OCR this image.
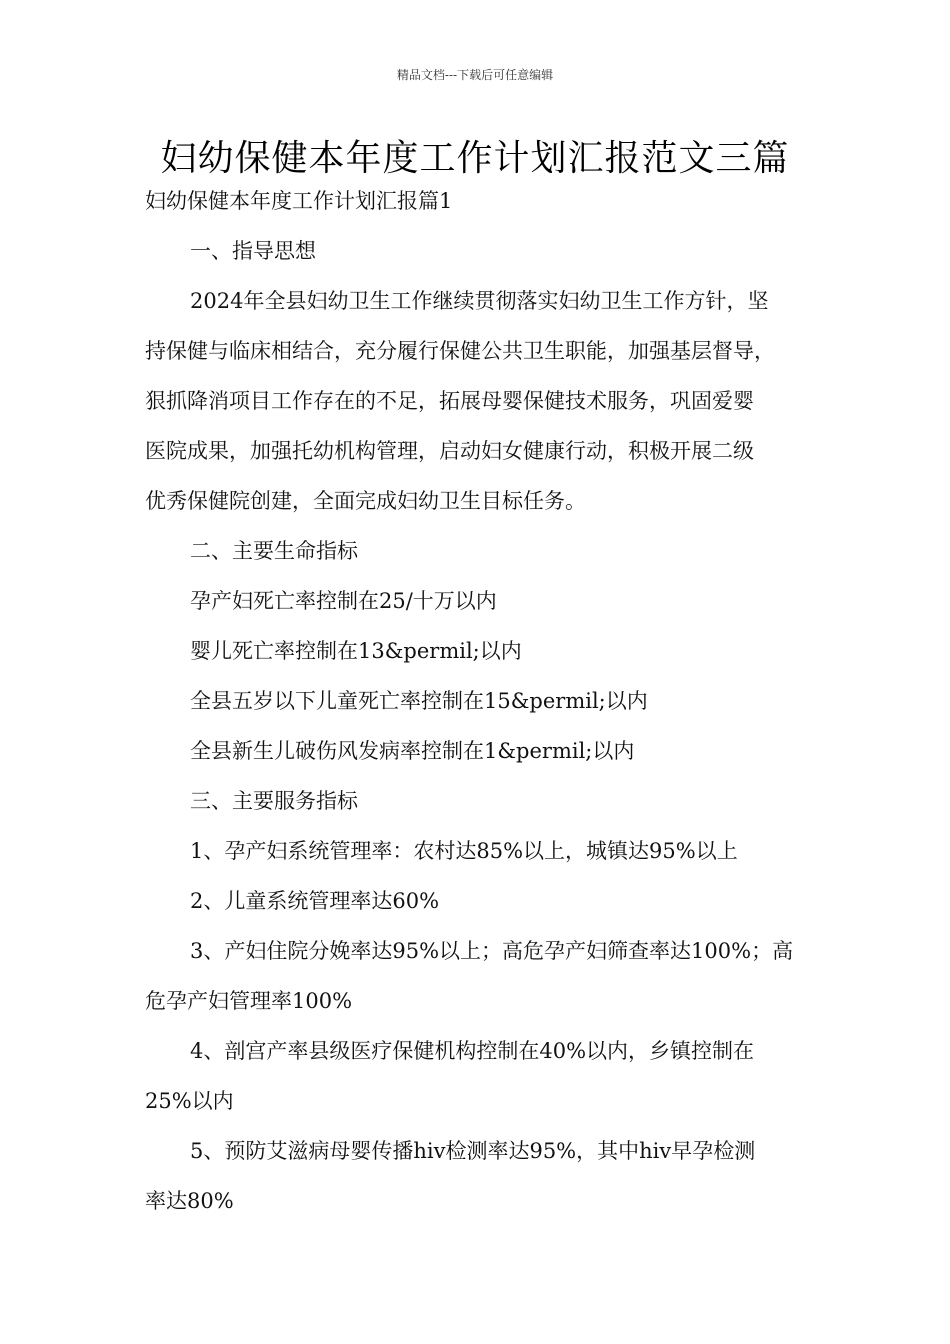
精品文档---下载后可任意编辑
妇幼保健本年度工作计划汇报范文三篇
妇幼保健本年度工作计划汇报篇1
一、指导思想
2024年全县妇幼卫生工作继续贯彻落实妇幼卫生工作方针，坚
持保健与临床相结合，充分履行保健公共卫生职能，加强基层督导，
狠抓降消项目工作存在的不足，拓展母婴保健技术服务，巩固爱婴
医院成果，加强托幼机构管理，启动妇女健康行动，积极开展二级
优秀保健院创建，全面完成妇幼卫生目标任务。
二、主要生命指标
孕产妇死亡率控制在25/十万以内
婴儿死亡率控制在13&permil;以内
全县五岁以下儿童死亡率控制在15&permil;以内
全县新生儿破伤风发病率控制在1&permil;以内
三、主要服务指标
1、孕产妇系统管理率：农村达85%以上，城镇达95%以上
2、儿童系统管理率达60%
3、产妇住院分娩率达95%以上；高危孕产妇筛查率达100%；高
危孕产妇管理率100%
4、剖宫产率县级医疗保健机构控制在40%以内，乡镇控制在
25%以内
5、预防艾滋病母婴传播hiv检测率达95%，其中hiv早孕检测
率达80%
